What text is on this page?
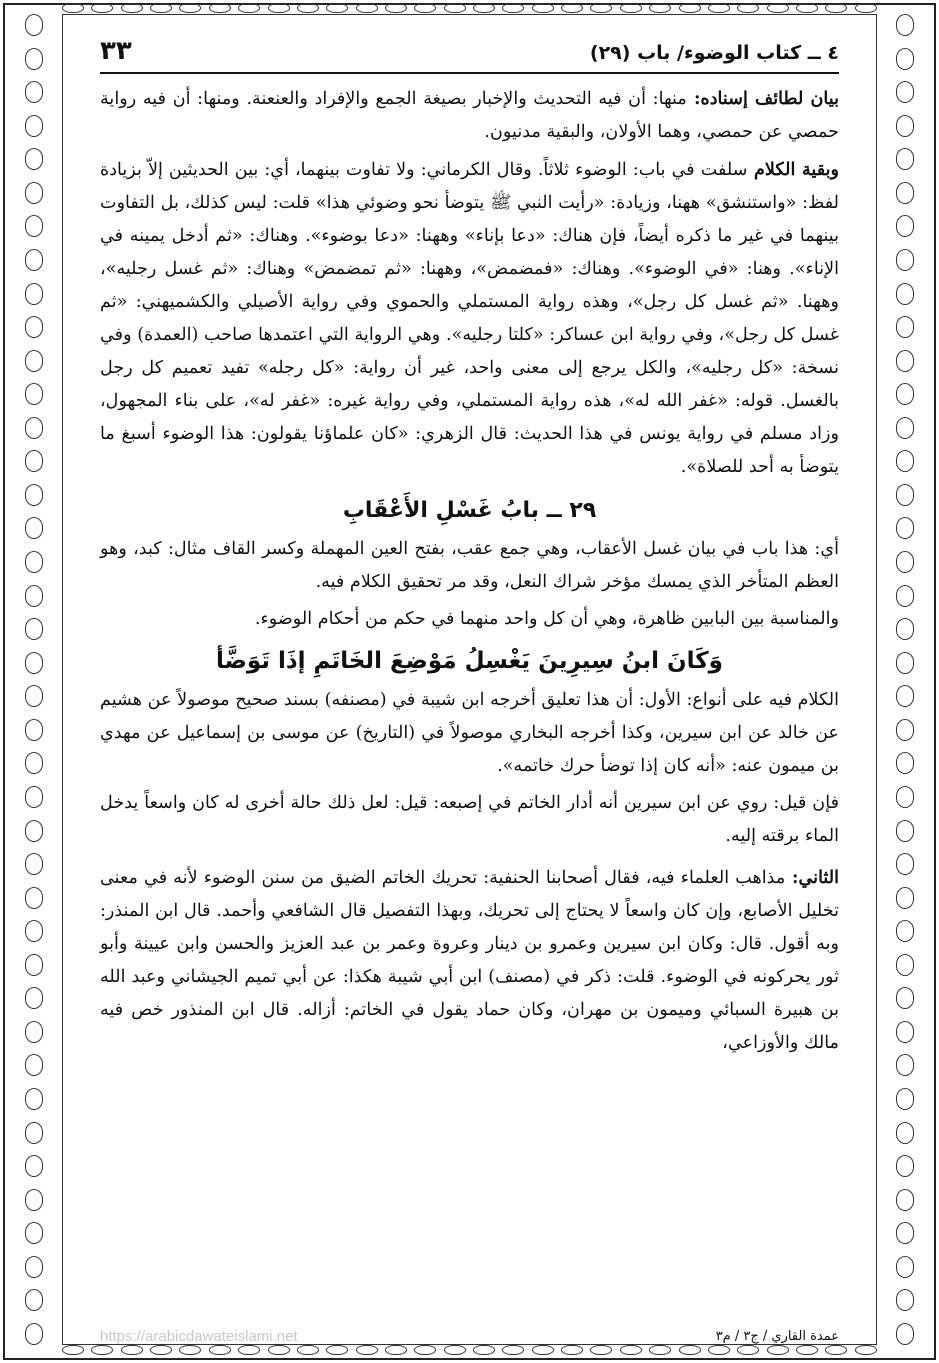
٤ ــ كتاب الوضوء/ باب (٢٩)
٣٣

بيان لطائف إسناده: منها: أن فيه التحديث والإخبار بصيغة الجمع والإفراد والعنعنة. ومنها: أن فيه رواية حمصي عن حمصي، وهما الأولان، والبقية مدنيون.

وبقية الكلام سلفت في باب: الوضوء ثلاثاً. وقال الكرماني: ولا تفاوت بينهما، أي: بين الحديثين إلاّ بزيادة لفظ: «واستنشق» ههنا، وزيادة: «رأيت النبي ﷺ يتوضأ نحو وضوئي هذا» قلت: ليس كذلك، بل التفاوت بينهما في غير ما ذكره أيضاً، فإن هناك: «دعا بإناء» وههنا: «دعا بوضوء». وهناك: «ثم أدخل يمينه في الإناء». وهنا: «في الوضوء». وهناك: «فمضمض»، وههنا: «ثم تمضمض» وهناك: «ثم غسل رجليه»، وههنا. «ثم غسل كل رجل»، وهذه رواية المستملي والحموي وفي رواية الأصيلي والكشميهني: «ثم غسل كل رجل»، وفي رواية ابن عساكر: «كلتا رجليه». وهي الرواية التي اعتمدها صاحب (العمدة) وفي نسخة: «كل رجليه»، والكل يرجع إلى معنى واحد، غير أن رواية: «كل رجله» تفيد تعميم كل رجل بالغسل. قوله: «غفر الله له»، هذه رواية المستملي، وفي رواية غيره: «غفر له»، على بناء المجهول، وزاد مسلم في رواية يونس في هذا الحديث: قال الزهري: «كان علماؤنا يقولون: هذا الوضوء أسبغ ما يتوضأ به أحد للصلاة».

٢٩ ــ بابُ غَسْلِ الأَعْقَابِ

أي: هذا باب في بيان غسل الأعقاب، وهي جمع عقب، بفتح العين المهملة وكسر القاف مثال: كبد، وهو العظم المتأخر الذي يمسك مؤخر شراك النعل، وقد مر تحقيق الكلام فيه.

والمناسبة بين البابين ظاهرة، وهي أن كل واحد منهما في حكم من أحكام الوضوء.

وَكَانَ ابنُ سِيرِينَ يَغْسِلُ مَوْضِعَ الخَاتَمِ إذَا تَوَضَّأ

الكلام فيه على أنواع: الأول: أن هذا تعليق أخرجه ابن شيبة في (مصنفه) بسند صحيح موصولاً عن هشيم عن خالد عن ابن سيرين، وكذا أخرجه البخاري موصولاً في (التاريخ) عن موسى بن إسماعيل عن مهدي بن ميمون عنه: «أنه كان إذا توضأ حرك خاتمه».

فإن قيل: روي عن ابن سيرين أنه أدار الخاتم في إصبعه: قيل: لعل ذلك حالة أخرى له كان واسعاً يدخل الماء برقته إليه.

الثاني: مذاهب العلماء فيه، فقال أصحابنا الحنفية: تحريك الخاتم الضيق من سنن الوضوء لأنه في معنى تخليل الأصابع، وإن كان واسعاً لا يحتاج إلى تحريك، وبهذا التفصيل قال الشافعي وأحمد. قال ابن المنذر: وبه أقول. قال: وكان ابن سيرين وعمرو بن دينار وعروة وعمر بن عبد العزيز والحسن وابن عيينة وأبو ثور يحركونه في الوضوء. قلت: ذكر في (مصنف) ابن أبي شيبة هكذا: عن أبي تميم الجيشاني وعبد الله بن هبيرة السبائي وميمون بن مهران، وكان حماد يقول في الخاتم: أزاله. قال ابن المنذور خص فيه مالك والأوزاعي،

عمدة القاري / ج٣ / م٣
https://arabicdawateislami.net
